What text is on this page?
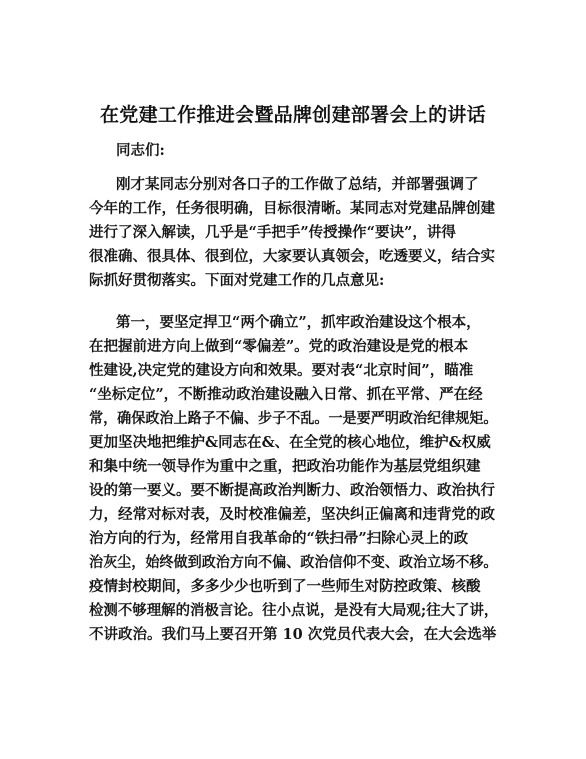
在党建工作推进会暨品牌创建部署会上的讲话
同志们:
刚才某同志分别对各口子的工作做了总结，并部署强调了
今年的工作，任务很明确，目标很清晰。某同志对党建品牌创建
进行了深入解读，几乎是“手把手”传授操作“要诀”，讲得
很准确、很具体、很到位，大家要认真领会，吃透要义，结合实
际抓好贯彻落实。下面对党建工作的几点意见:
第一，要坚定捍卫“两个确立”，抓牢政治建设这个根本，
在把握前进方向上做到“零偏差”。党的政治建设是党的根本
性建设,决定党的建设方向和效果。要对表“北京时间”，瞄准
“坐标定位”，不断推动政治建设融入日常、抓在平常、严在经
常，确保政治上路子不偏、步子不乱。一是要严明政治纪律规矩。
更加坚决地把维护&同志在&、在全党的核心地位，维护&权威
和集中统一领导作为重中之重，把政治功能作为基层党组织建
设的第一要义。要不断提高政治判断力、政治领悟力、政治执行
力，经常对标对表，及时校准偏差，坚决纠正偏离和违背党的政
治方向的行为，经常用自我革命的“铁扫帚”扫除心灵上的政
治灰尘，始终做到政治方向不偏、政治信仰不变、政治立场不移。
疫情封校期间，多多少少也听到了一些师生对防控政策、核酸
检测不够理解的消极言论。往小点说，是没有大局观;往大了讲，
不讲政治。我们马上要召开第 10 次党员代表大会，在大会选举
